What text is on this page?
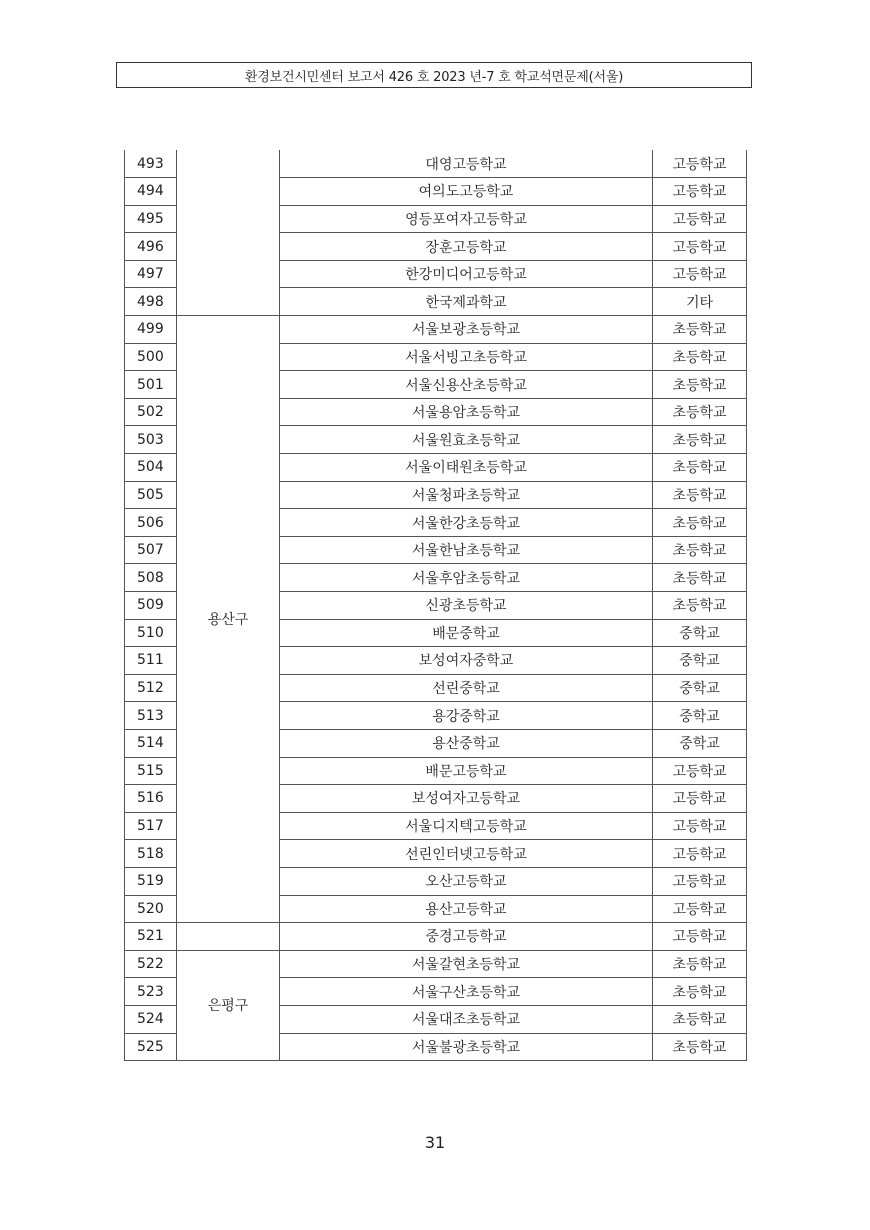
환경보건시민센터 보고서 426 호 2023 년-7 호 학교석면문제(서울)
493		대영고등학교	고등학교
494		여의도고등학교	고등학교
495		영등포여자고등학교	고등학교
496		장훈고등학교	고등학교
497		한강미디어고등학교	고등학교
498		한국제과학교	기타
499	용산구	서울보광초등학교	초등학교
500		서울서빙고초등학교	초등학교
501		서울신용산초등학교	초등학교
502		서울용암초등학교	초등학교
503		서울원효초등학교	초등학교
504		서울이태원초등학교	초등학교
505		서울청파초등학교	초등학교
506		서울한강초등학교	초등학교
507		서울한남초등학교	초등학교
508		서울후암초등학교	초등학교
509		신광초등학교	초등학교
510		배문중학교	중학교
511		보성여자중학교	중학교
512		선린중학교	중학교
513		용강중학교	중학교
514		용산중학교	중학교
515		배문고등학교	고등학교
516		보성여자고등학교	고등학교
517		서울디지텍고등학교	고등학교
518		선린인터넷고등학교	고등학교
519		오산고등학교	고등학교
520		용산고등학교	고등학교
521		중경고등학교	고등학교
522	은평구	서울갈현초등학교	초등학교
523		서울구산초등학교	초등학교
524		서울대조초등학교	초등학교
525		서울불광초등학교	초등학교
31
